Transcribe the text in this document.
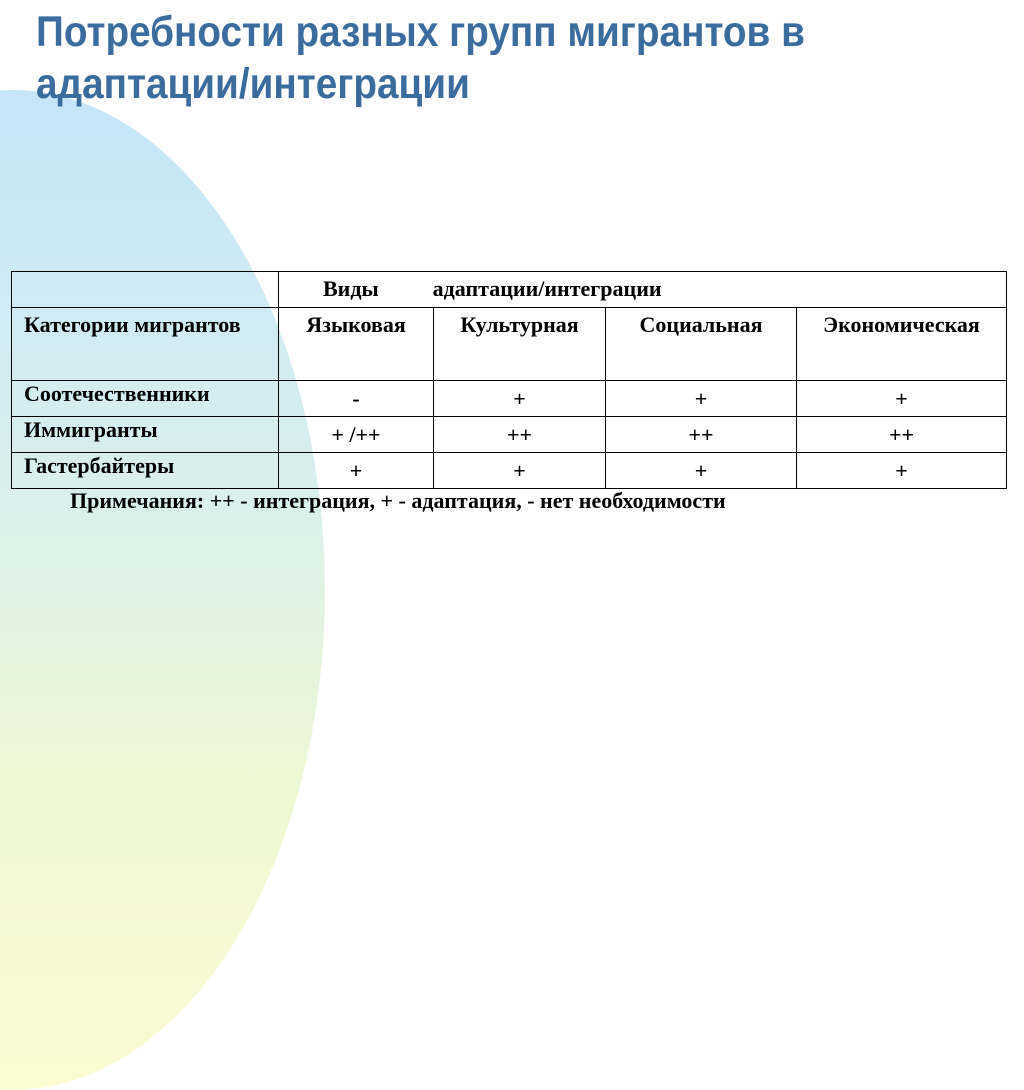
Потребности разных групп мигрантов в
адаптации/интеграции

	Виды адаптации/интеграции			

Категории мигрантов	Языковая	Культурная	Социальная	Экономическая
Соотечественники	-	+	+	+
Иммигранты	+ /++	++	++	++
Гастербайтеры	+	+	+	+
Примечания: ++ - интеграция, + - адаптация, - нет необходимости
